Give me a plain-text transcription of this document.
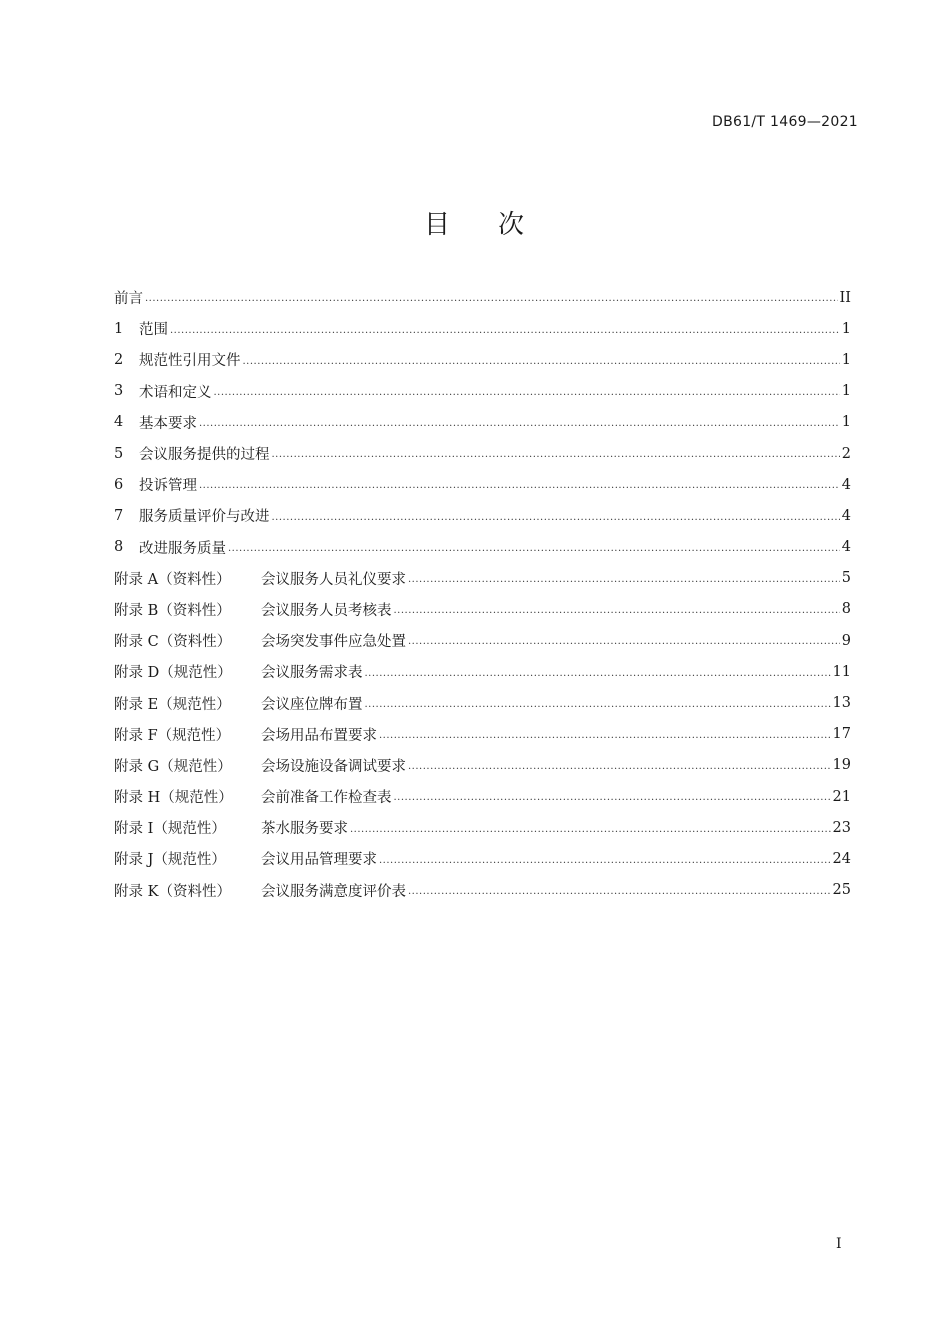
DB61/T 1469—2021
目 次
前言 .....	II
1	范围 .....	1
2	规范性引用文件 .....	1
3	术语和定义 .....	1
4	基本要求 .....	1
5	会议服务提供的过程 .....	2
6	投诉管理 .....	4
7	服务质量评价与改进 .....	4
8	改进服务质量 .....	4
附录 A（资料性）	会议服务人员礼仪要求 .....	5
附录 B（资料性）	会议服务人员考核表 .....	8
附录 C（资料性）	会场突发事件应急处置 .....	9
附录 D（规范性）	会议服务需求表 .....	11
附录 E（规范性）	会议座位牌布置 .....	13
附录 F（规范性）	会场用品布置要求 .....	17
附录 G（规范性）	会场设施设备调试要求 .....	19
附录 H（规范性）	会前准备工作检查表 .....	21
附录 I（规范性）	茶水服务要求 .....	23
附录 J（规范性）	会议用品管理要求 .....	24
附录 K（资料性）	会议服务满意度评价表 .....	25
I
